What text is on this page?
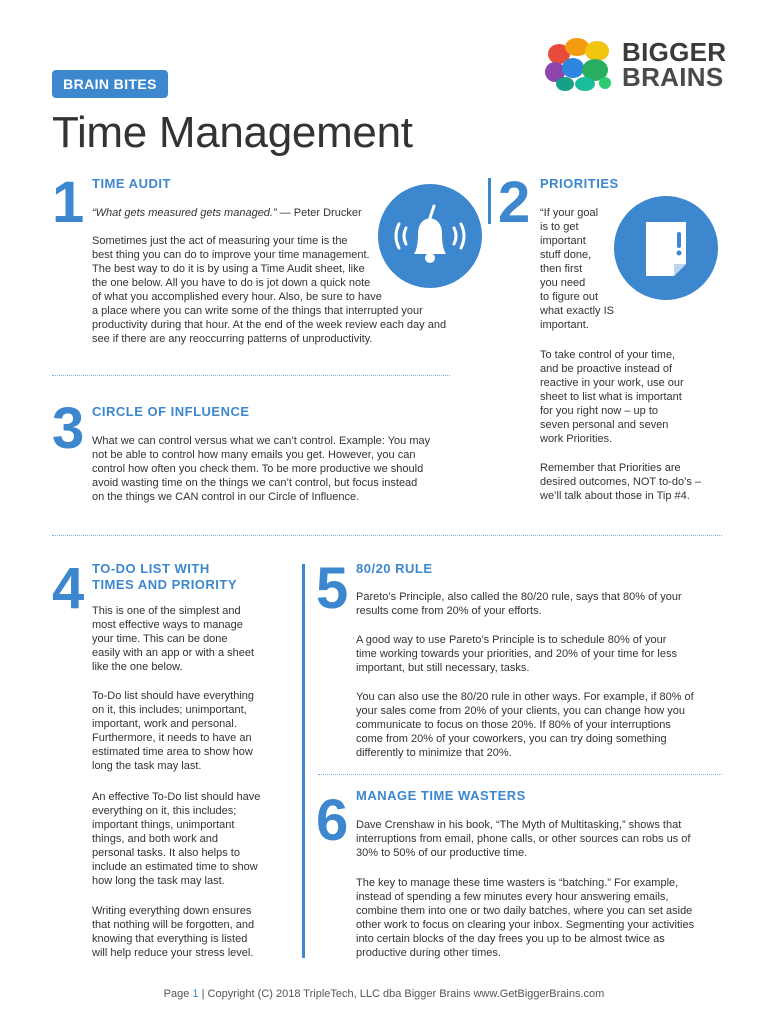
BIGGER
BRAINS
BRAIN BITES
Time Management
1 TIME AUDIT
“What gets measured gets managed.” — Peter Drucker

Sometimes just the act of measuring your time is the
best thing you can do to improve your time management.
The best way to do it is by using a Time Audit sheet, like
the one below. All you have to do is jot down a quick note
of what you accomplished every hour. Also, be sure to have
a place where you can write some of the things that interrupted your
productivity during that hour. At the end of the week review each day and
see if there are any reoccurring patterns of unproductivity.

2 PRIORITIES

“If your goal
is to get
important
stuff done,
then first
you need
to figure out
what exactly IS
important.

To take control of your time,
and be proactive instead of
reactive in your work, use our
sheet to list what is important
for you right now – up to
seven personal and seven
work Priorities.

Remember that Priorities are
desired outcomes, NOT to-do’s –
we’ll talk about those in Tip #4.

3 CIRCLE OF INFLUENCE

What we can control versus what we can’t control. Example: You may
not be able to control how many emails you get. However, you can
control how often you check them. To be more productive we should
avoid wasting time on the things we can’t control, but focus instead
on the things we CAN control in our Circle of Influence.

4 TO-DO LIST WITH
TIMES AND PRIORITY

This is one of the simplest and
most effective ways to manage
your time. This can be done
easily with an app or with a sheet
like the one below.

To-Do list should have everything
on it, this includes; unimportant,
important, work and personal.
Furthermore, it needs to have an
estimated time area to show how
long the task may last.

An effective To-Do list should have
everything on it, this includes;
important things, unimportant
things, and both work and
personal tasks. It also helps to
include an estimated time to show
how long the task may last.

Writing everything down ensures
that nothing will be forgotten, and
knowing that everything is listed
will help reduce your stress level.

5 80/20 RULE

Pareto’s Principle, also called the 80/20 rule, says that 80% of your
results come from 20% of your efforts.

A good way to use Pareto’s Principle is to schedule 80% of your
time working towards your priorities, and 20% of your time for less
important, but still necessary, tasks.

You can also use the 80/20 rule in other ways. For example, if 80% of
your sales come from 20% of your clients, you can change how you
communicate to focus on those 20%. If 80% of your interruptions
come from 20% of your coworkers, you can try doing something
differently to minimize that 20%.

6 MANAGE TIME WASTERS

Dave Crenshaw in his book, “The Myth of Multitasking,” shows that
interruptions from email, phone calls, or other sources can robs us of
30% to 50% of our productive time.

The key to manage these time wasters is “batching.” For example,
instead of spending a few minutes every hour answering emails,
combine them into one or two daily batches, where you can set aside
other work to focus on clearing your inbox. Segmenting your activities
into certain blocks of the day frees you up to be almost twice as
productive during other times.

Page 1 | Copyright (C) 2018 TripleTech, LLC dba Bigger Brains www.GetBiggerBrains.com
